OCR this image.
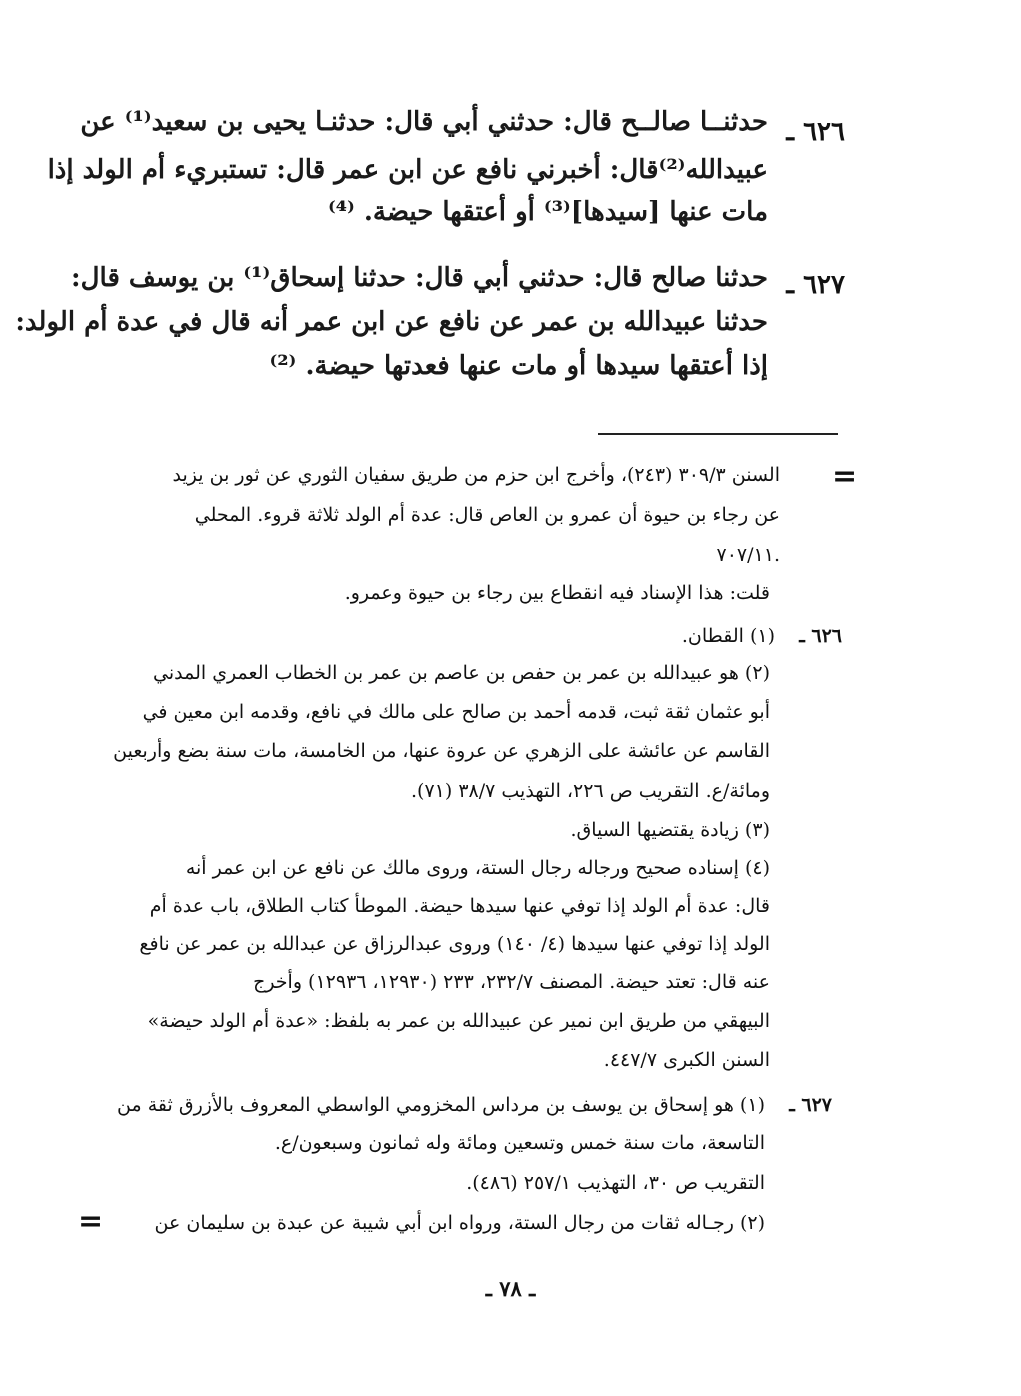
٦٢٦ ـ
حدثنــا صالــح قال: حدثني أبي قال: حدثنـا يحيى بن سعيد⁽¹⁾ عن
عبيدالله⁽²⁾قال: أخبرني نافع عن ابن عمر قال: تستبريء أم الولد إذا
مات عنها [سيدها]⁽³⁾ أو أعتقها حيضة. ⁽⁴⁾
٦٢٧ ـ
حدثنا صالح قال: حدثني أبي قال: حدثنا إسحاق⁽¹⁾ بن يوسف قال:
حدثنا عبيدالله بن عمر عن نافع عن ابن عمر أنه قال في عدة أم الولد:
إذا أعتقها سيدها أو مات عنها فعدتها حيضة. ⁽²⁾
=
السنن ٣٠٩/٣ (٢٤٣)، وأخرج ابن حزم من طريق سفيان الثوري عن ثور بن يزيد
عن رجاء بن حيوة أن عمرو بن العاص قال: عدة أم الولد ثلاثة قروء. المحلي
٧٠٧/١١.
قلت: هذا الإسناد فيه انقطاع بين رجاء بن حيوة وعمرو.
٦٢٦ ـ
(١) القطان.
(٢) هو عبيدالله بن عمر بن حفص بن عاصم بن عمر بن الخطاب العمري المدني
أبو عثمان ثقة ثبت، قدمه أحمد بن صالح على مالك في نافع، وقدمه ابن معين في
القاسم عن عائشة على الزهري عن عروة عنها، من الخامسة، مات سنة بضع وأربعين
ومائة/ع. التقريب ص ٢٢٦، التهذيب ٣٨/٧ (٧١).
(٣) زيادة يقتضيها السياق.
(٤) إسناده صحيح ورجاله رجال الستة، وروى مالك عن نافع عن ابن عمر أنه
قال: عدة أم الولد إذا توفي عنها سيدها حيضة. الموطأ كتاب الطلاق، باب عدة أم
الولد إذا توفي عنها سيدها (٤/ ١٤٠) وروى عبدالرزاق عن عبدالله بن عمر عن نافع
عنه قال: تعتد حيضة. المصنف ٢٣٢/٧، ٢٣٣ (١٢٩٣٠، ١٢٩٣٦) وأخرج
البيهقي من طريق ابن نمير عن عبيدالله بن عمر به بلفظ: «عدة أم الولد حيضة»
السنن الكبرى ٤٤٧/٧.
٦٢٧ ـ
(١) هو إسحاق بن يوسف بن مرداس المخزومي الواسطي المعروف بالأزرق ثقة من
التاسعة، مات سنة خمس وتسعين ومائة وله ثمانون وسبعون/ع.
التقريب ص ٣٠، التهذيب ٢٥٧/١ (٤٨٦).
(٢) رجـاله ثقات من رجال الستة، ورواه ابن أبي شيبة عن عبدة بن سليمان عن
=
ـ ٧٨ ـ
